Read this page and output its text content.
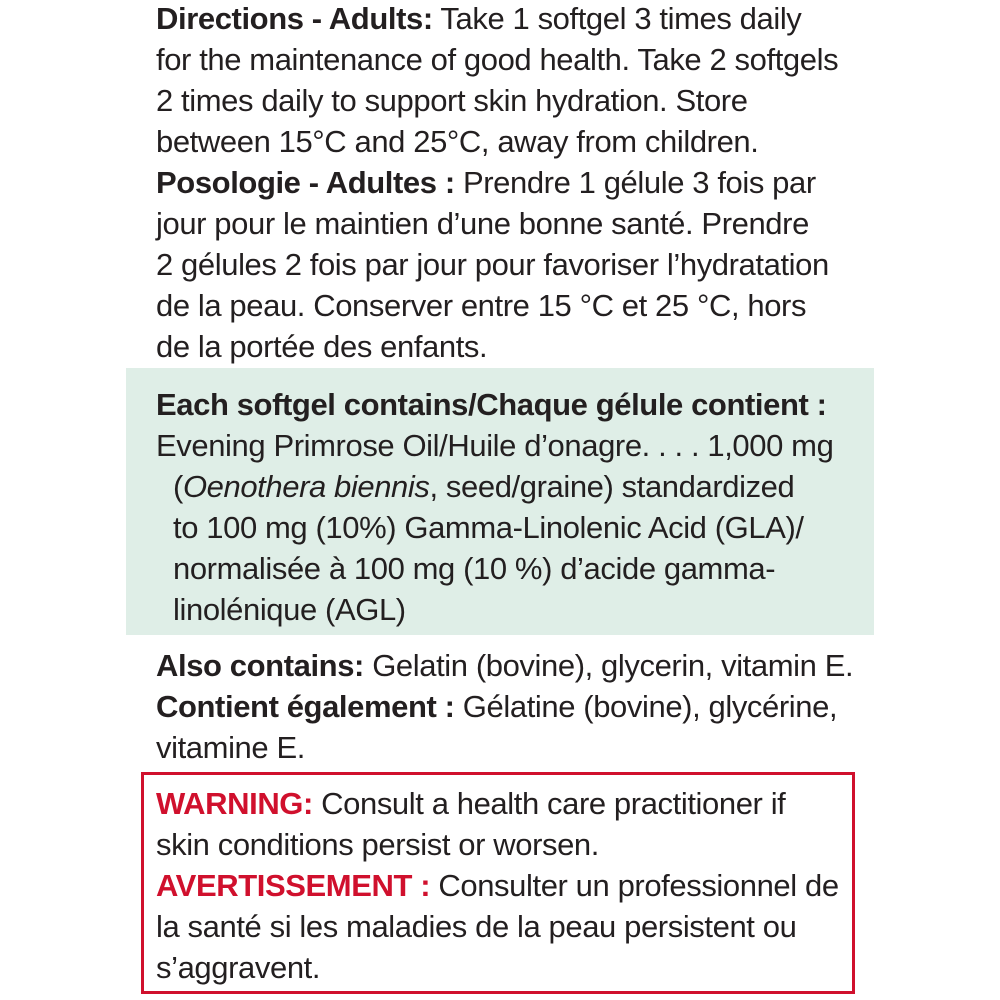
Directions - Adults: Take 1 softgel 3 times daily
for the maintenance of good health. Take 2 softgels
2 times daily to support skin hydration. Store
between 15°C and 25°C, away from children.
Posologie - Adultes : Prendre 1 gélule 3 fois par
jour pour le maintien d’une bonne santé. Prendre
2 gélules 2 fois par jour pour favoriser l’hydratation
de la peau. Conserver entre 15 °C et 25 °C, hors
de la portée des enfants.
Each softgel contains/Chaque gélule contient :
Evening Primrose Oil/Huile d’onagre. . . . 1,000 mg
(Oenothera biennis, seed/graine) standardized
to 100 mg (10%) Gamma-Linolenic Acid (GLA)/
normalisée à 100 mg (10 %) d’acide gamma-
linolénique (AGL)
Also contains: Gelatin (bovine), glycerin, vitamin E.
Contient également : Gélatine (bovine), glycérine,
vitamine E.
WARNING: Consult a health care practitioner if
skin conditions persist or worsen.
AVERTISSEMENT : Consulter un professionnel de
la santé si les maladies de la peau persistent ou
s’aggravent.
